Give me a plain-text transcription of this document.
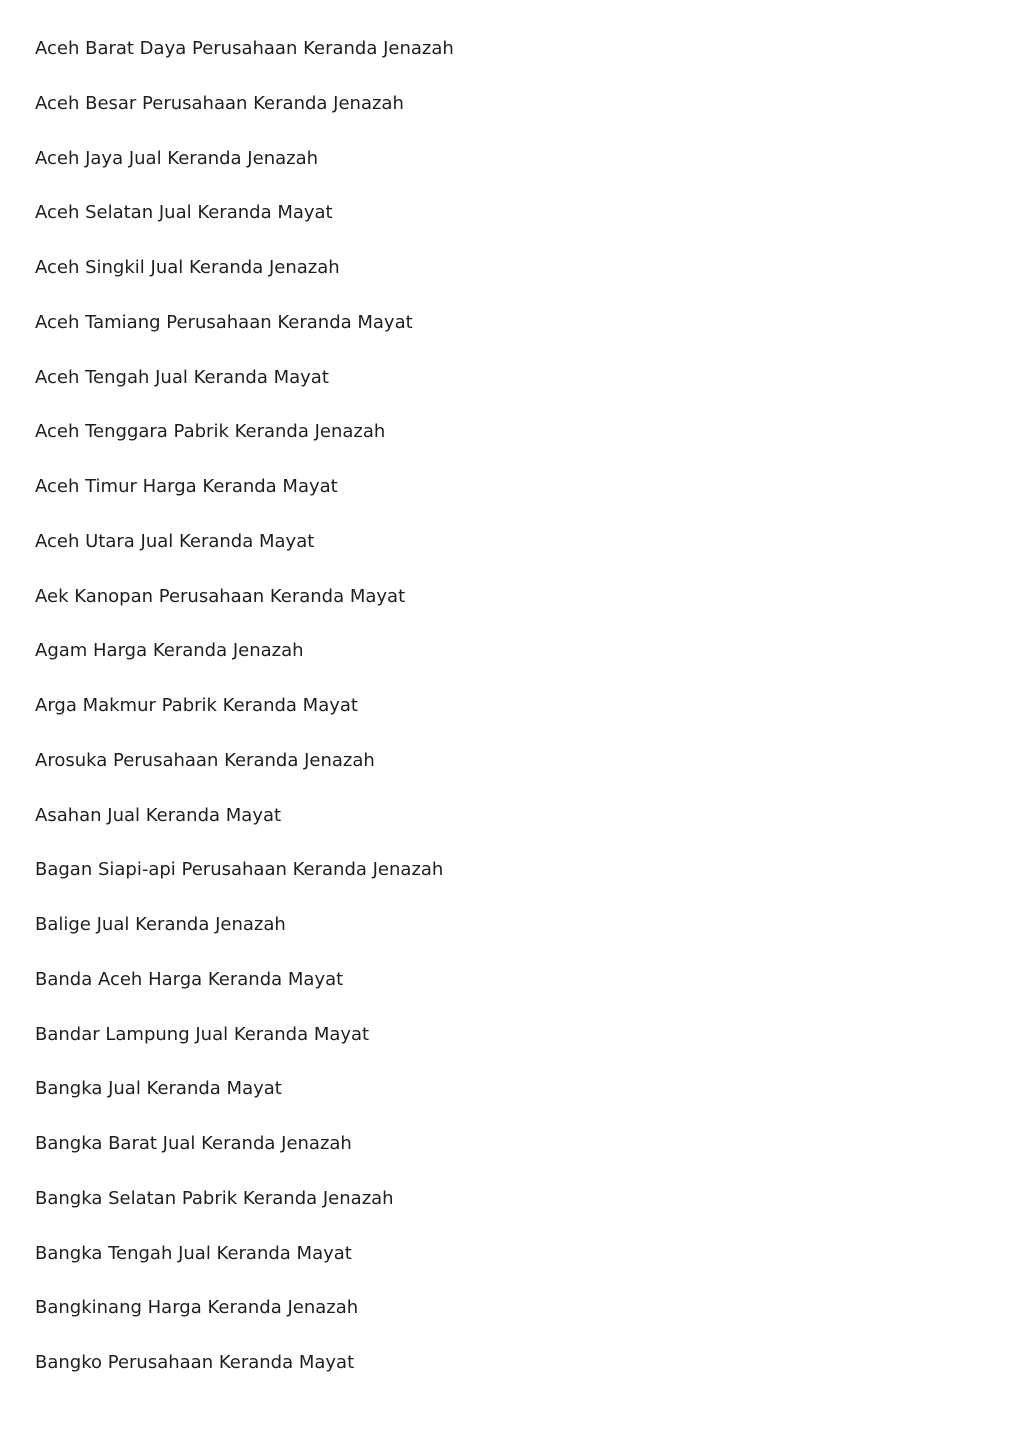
Aceh Barat Daya Perusahaan Keranda Jenazah
Aceh Besar Perusahaan Keranda Jenazah
Aceh Jaya Jual Keranda Jenazah
Aceh Selatan Jual Keranda Mayat
Aceh Singkil Jual Keranda Jenazah
Aceh Tamiang Perusahaan Keranda Mayat
Aceh Tengah Jual Keranda Mayat
Aceh Tenggara Pabrik Keranda Jenazah
Aceh Timur Harga Keranda Mayat
Aceh Utara Jual Keranda Mayat
Aek Kanopan Perusahaan Keranda Mayat
Agam Harga Keranda Jenazah
Arga Makmur Pabrik Keranda Mayat
Arosuka Perusahaan Keranda Jenazah
Asahan Jual Keranda Mayat
Bagan Siapi-api Perusahaan Keranda Jenazah
Balige Jual Keranda Jenazah
Banda Aceh Harga Keranda Mayat
Bandar Lampung Jual Keranda Mayat
Bangka Jual Keranda Mayat
Bangka Barat Jual Keranda Jenazah
Bangka Selatan Pabrik Keranda Jenazah
Bangka Tengah Jual Keranda Mayat
Bangkinang Harga Keranda Jenazah
Bangko Perusahaan Keranda Mayat
